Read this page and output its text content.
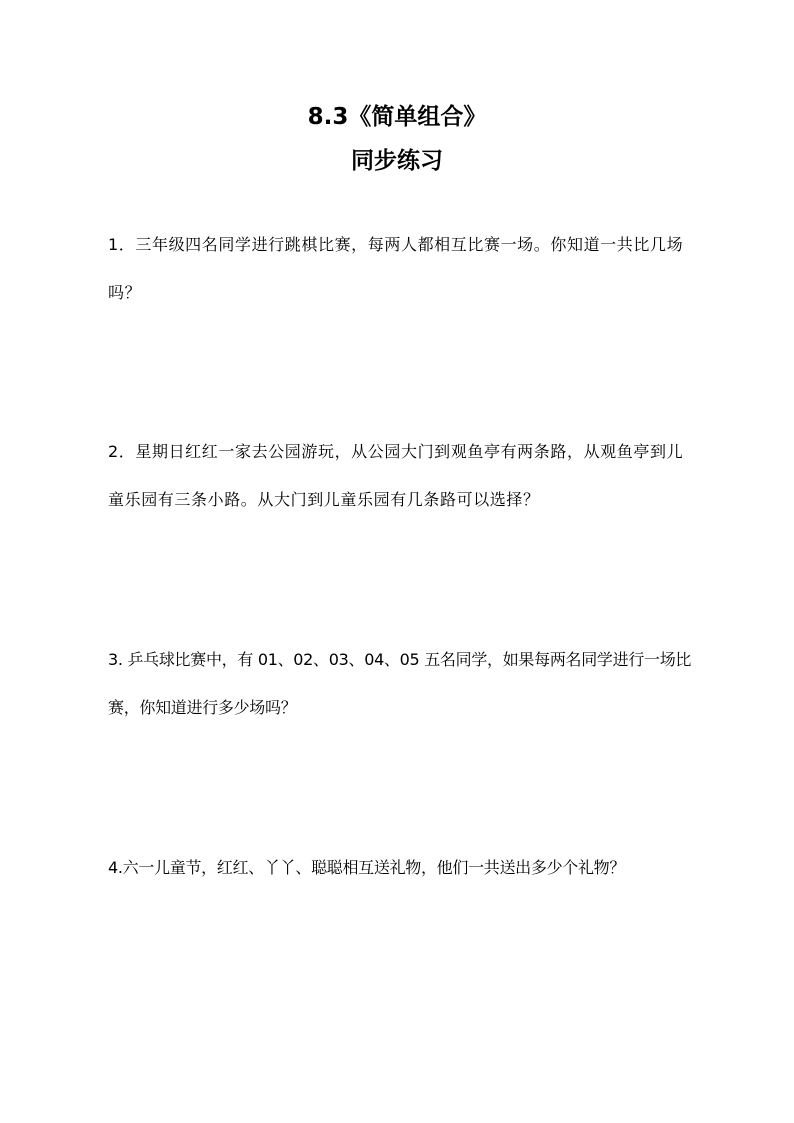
8.3《简单组合》
同步练习

1．三年级四名同学进行跳棋比赛，每两人都相互比赛一场。你知道一共比几场吗？

2．星期日红红一家去公园游玩，从公园大门到观鱼亭有两条路，从观鱼亭到儿童乐园有三条小路。从大门到儿童乐园有几条路可以选择？

3. 乒乓球比赛中，有 01、02、03、04、05 五名同学，如果每两名同学进行一场比赛，你知道进行多少场吗？

4.六一儿童节，红红、丫丫、聪聪相互送礼物，他们一共送出多少个礼物？
